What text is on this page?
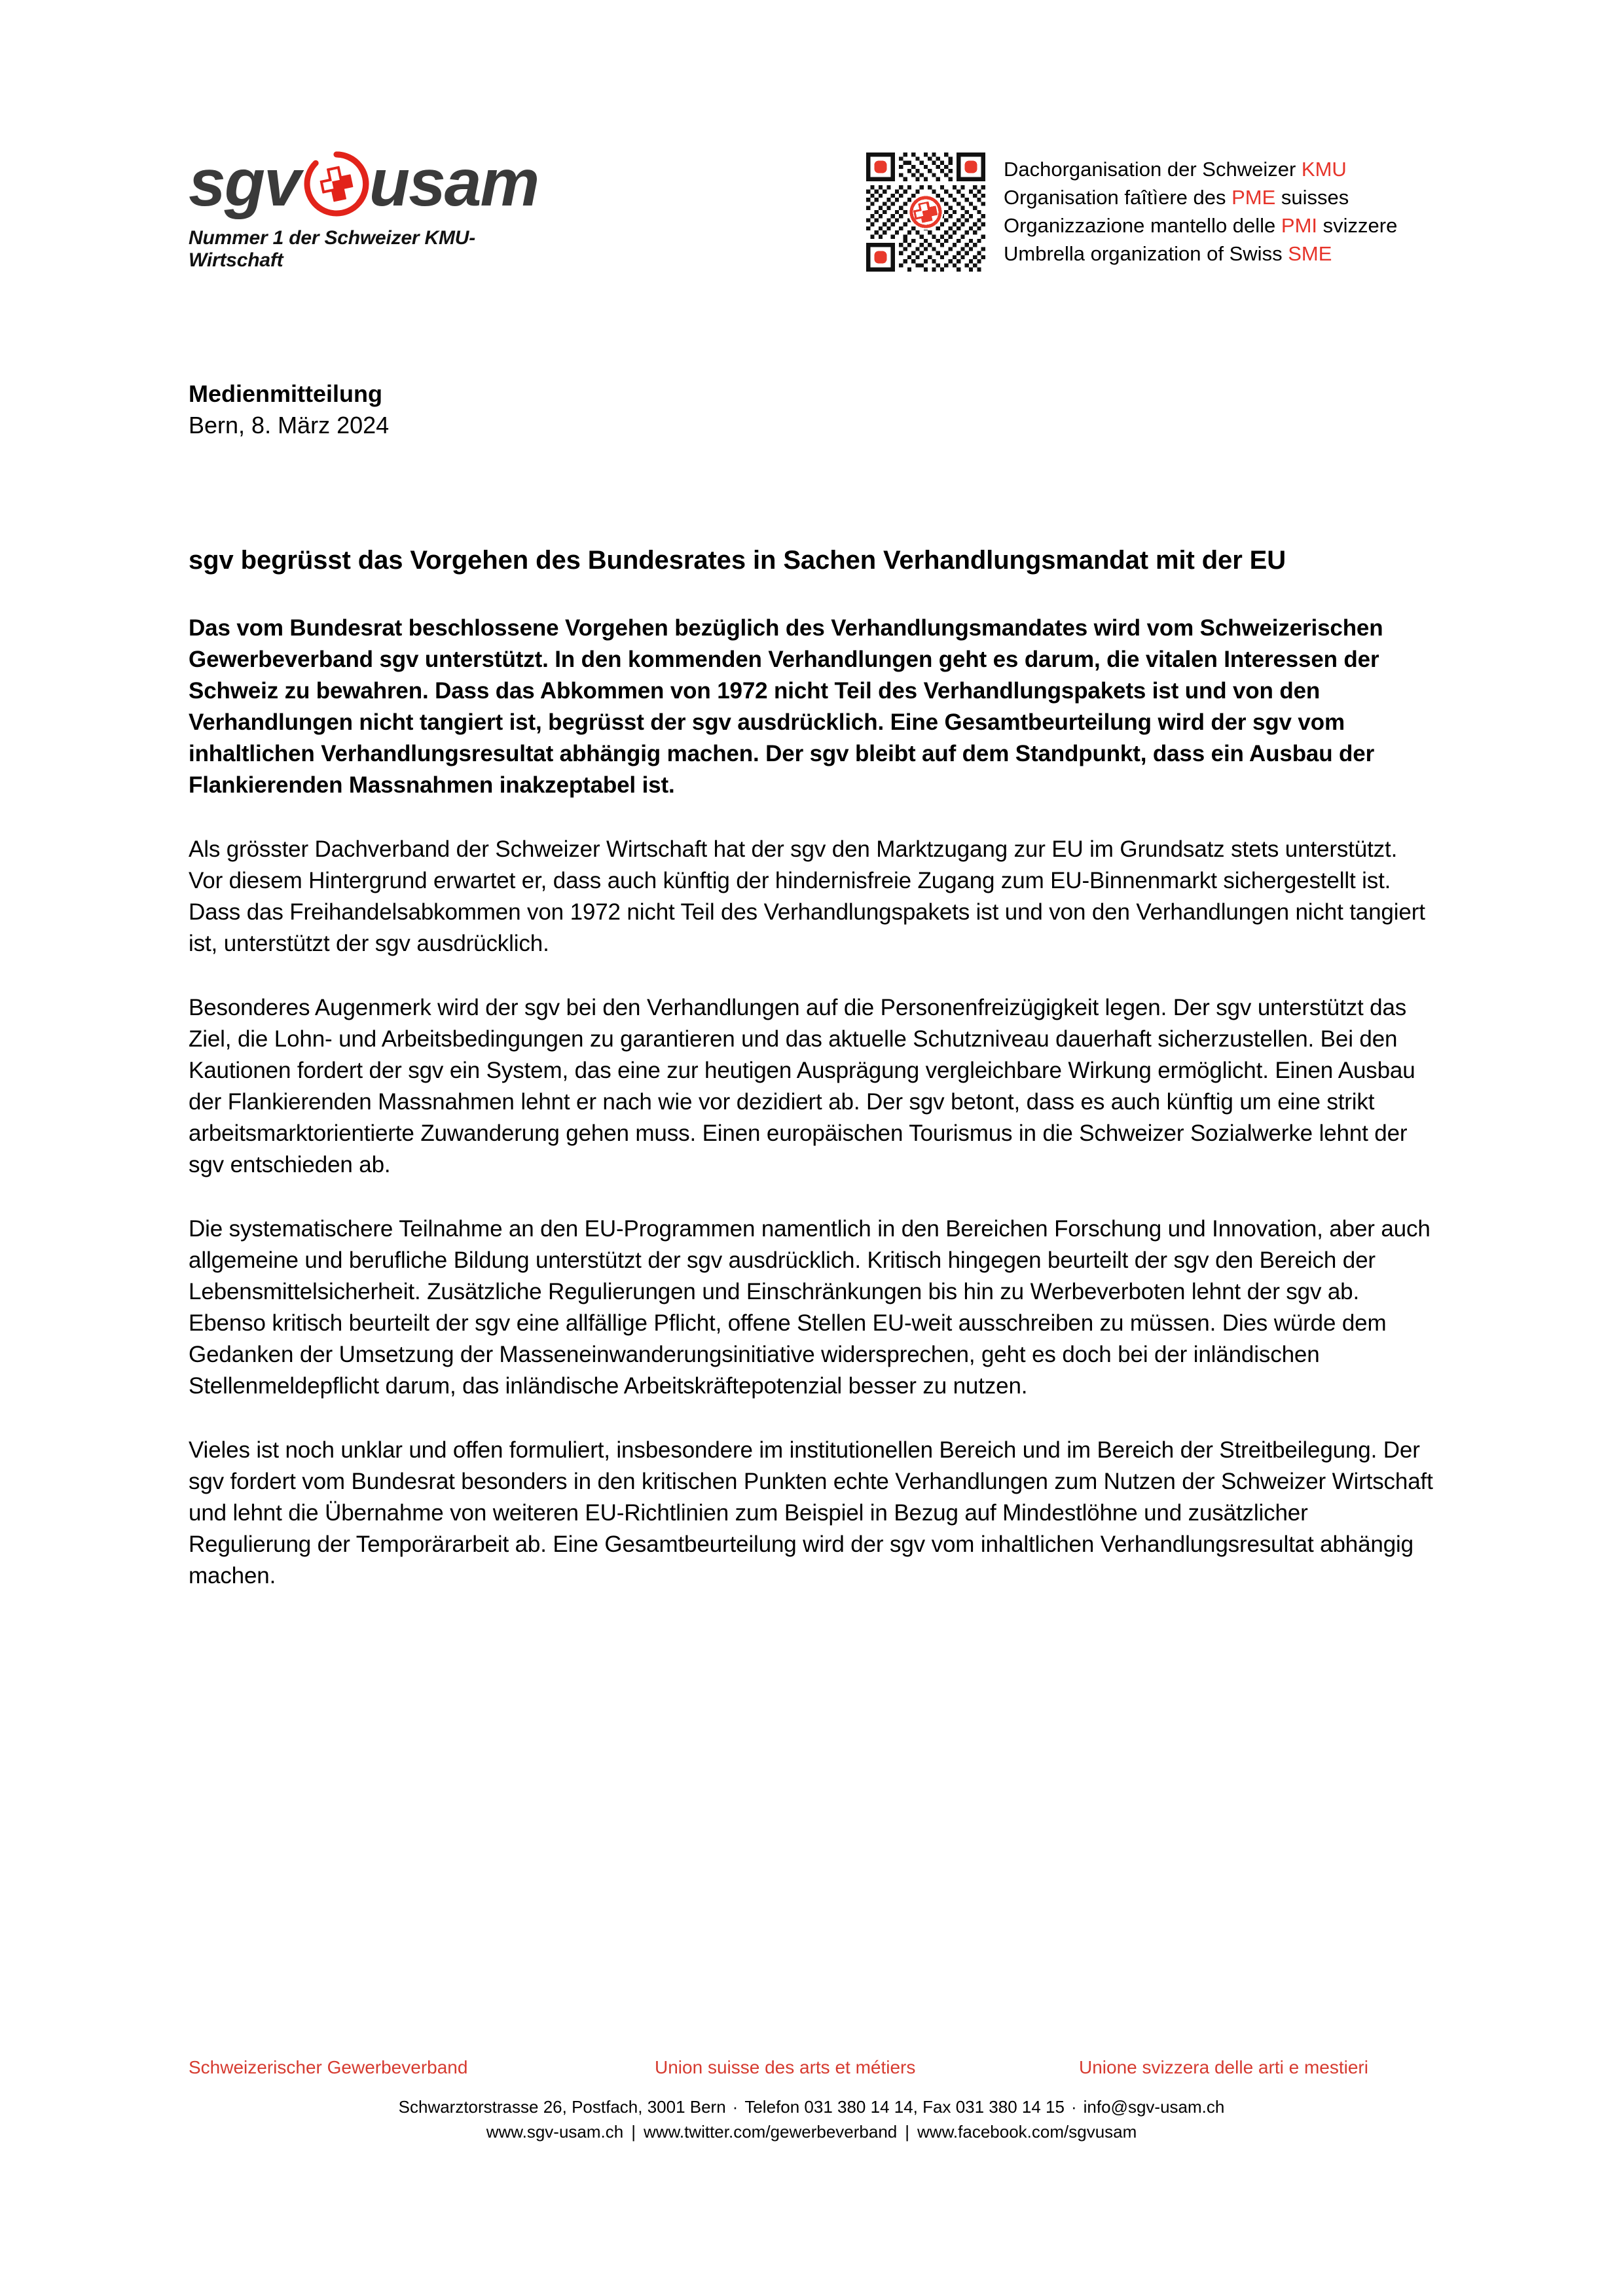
sgv usam
Nummer 1 der Schweizer KMU-Wirtschaft
Dachorganisation der Schweizer KMU
Organisation faîtìere des PME suisses
Organizzazione mantello delle PMI svizzere
Umbrella organization of Swiss SME
Medienmitteilung
Bern, 8. März 2024
sgv begrüsst das Vorgehen des Bundesrates in Sachen Verhandlungsmandat mit der EU

Das vom Bundesrat beschlossene Vorgehen bezüglich des Verhandlungsmandates wird vom Schweizerischen Gewerbeverband sgv unterstützt. In den kommenden Verhandlungen geht es darum, die vitalen Interessen der Schweiz zu bewahren. Dass das Abkommen von 1972 nicht Teil des Verhandlungspakets ist und von den Verhandlungen nicht tangiert ist, begrüsst der sgv ausdrücklich. Eine Gesamtbeurteilung wird der sgv vom inhaltlichen Verhandlungsresultat abhängig machen. Der sgv bleibt auf dem Standpunkt, dass ein Ausbau der Flankierenden Massnahmen inakzeptabel ist.

Als grösster Dachverband der Schweizer Wirtschaft hat der sgv den Marktzugang zur EU im Grundsatz stets unterstützt. Vor diesem Hintergrund erwartet er, dass auch künftig der hindernisfreie Zugang zum EU-Binnenmarkt sichergestellt ist. Dass das Freihandelsabkommen von 1972 nicht Teil des Verhandlungspakets ist und von den Verhandlungen nicht tangiert ist, unterstützt der sgv ausdrücklich.

Besonderes Augenmerk wird der sgv bei den Verhandlungen auf die Personenfreizügigkeit legen. Der sgv unterstützt das Ziel, die Lohn- und Arbeitsbedingungen zu garantieren und das aktuelle Schutzniveau dauerhaft sicherzustellen. Bei den Kautionen fordert der sgv ein System, das eine zur heutigen Ausprägung vergleichbare Wirkung ermöglicht. Einen Ausbau der Flankierenden Massnahmen lehnt er nach wie vor dezidiert ab. Der sgv betont, dass es auch künftig um eine strikt arbeitsmarktorientierte Zuwanderung gehen muss. Einen europäischen Tourismus in die Schweizer Sozialwerke lehnt der sgv entschieden ab.

Die systematischere Teilnahme an den EU-Programmen namentlich in den Bereichen Forschung und Innovation, aber auch allgemeine und berufliche Bildung unterstützt der sgv ausdrücklich. Kritisch hingegen beurteilt der sgv den Bereich der Lebensmittelsicherheit. Zusätzliche Regulierungen und Einschränkungen bis hin zu Werbeverboten lehnt der sgv ab. Ebenso kritisch beurteilt der sgv eine allfällige Pflicht, offene Stellen EU-weit ausschreiben zu müssen. Dies würde dem Gedanken der Umsetzung der Masseneinwanderungsinitiative widersprechen, geht es doch bei der inländischen Stellenmeldepflicht darum, das inländische Arbeitskräftepotenzial besser zu nutzen.

Vieles ist noch unklar und offen formuliert, insbesondere im institutionellen Bereich und im Bereich der Streitbeilegung. Der sgv fordert vom Bundesrat besonders in den kritischen Punkten echte Verhandlungen zum Nutzen der Schweizer Wirtschaft und lehnt die Übernahme von weiteren EU-Richtlinien zum Beispiel in Bezug auf Mindestlöhne und zusätzlicher Regulierung der Temporärarbeit ab. Eine Gesamtbeurteilung wird der sgv vom inhaltlichen Verhandlungsresultat abhängig machen.

Schweizerischer Gewerbeverband	Union suisse des arts et métiers	Unione svizzera delle arti e mestieri
Schwarztorstrasse 26, Postfach, 3001 Bern · Telefon 031 380 14 14, Fax 031 380 14 15 · info@sgv-usam.ch
www.sgv-usam.ch | www.twitter.com/gewerbeverband | www.facebook.com/sgvusam
